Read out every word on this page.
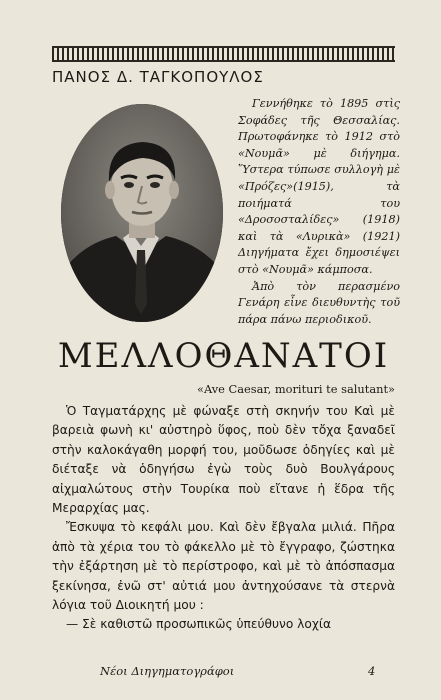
ΠΑΝΟΣ Δ. ΤΑΓΚΟΠΟΥΛΟΣ

Γεννήθηκε τὸ 1895 στὶς Σοφάδες τῆς Θεσσαλίας. Πρωτοφάνηκε τὸ 1912 στὸ «Νουμᾶ» μὲ διήγημα. Ὕστερα τύπωσε συλλογὴ μὲ «Πρόζες»(1915), τὰ ποιήματά του «Δροσοσταλίδες» (1918) καὶ τὰ «Λυρικὰ» (1921) Διηγήματα ἔχει δημοσιέψει στὸ «Νουμᾶ» κάμποσα.

Ἀπὸ τὸν περασμένο Γενάρη εἶνε διευθυντὴς τοῦ πάρα πάνω περιοδικοῦ.

ΜΕΛΛΟΘΑΝΑΤΟΙ
«Ave Caesar, morituri te salutant»

Ὁ Ταγματάρχης μὲ φώναξε στὴ σκηνήν του Καὶ μὲ βαρειὰ φωνὴ κι' αὐστηρὸ ὕφος, ποὺ δὲν τὄχα ξαναδεῖ στὴν καλοκάγαθη μορφή του, μοῦδωσε ὁδηγίες καὶ μὲ διέταξε νὰ ὁδηγήσω ἐγὼ τοὺς δυὸ Βουλγάρους αἰχμαλώτους στὴν Τουρίκα ποὺ εἴτανε ἡ ἕδρα τῆς Μεραρχίας μας.

Ἔσκυψα τὸ κεφάλι μου. Καὶ δὲν ἔβγαλα μιλιά. Πῆρα ἀπὸ τὰ χέρια του τὸ φάκελλο μὲ τὸ ἔγγραφο, ζώστηκα τὴν ἐξάρτηση μὲ τὸ περίστροφο, καὶ μὲ τὸ ἀπόσπασμα ξεκίνησα, ἐνῶ στ' αὐτιά μου ἀντηχούσανε τὰ στερνὰ λόγια τοῦ Διοικητή μου :

— Σὲ καθιστῶ προσωπικῶς ὑπεύθυνο λοχία

Νέοι Διηγηματογράφοι	4
